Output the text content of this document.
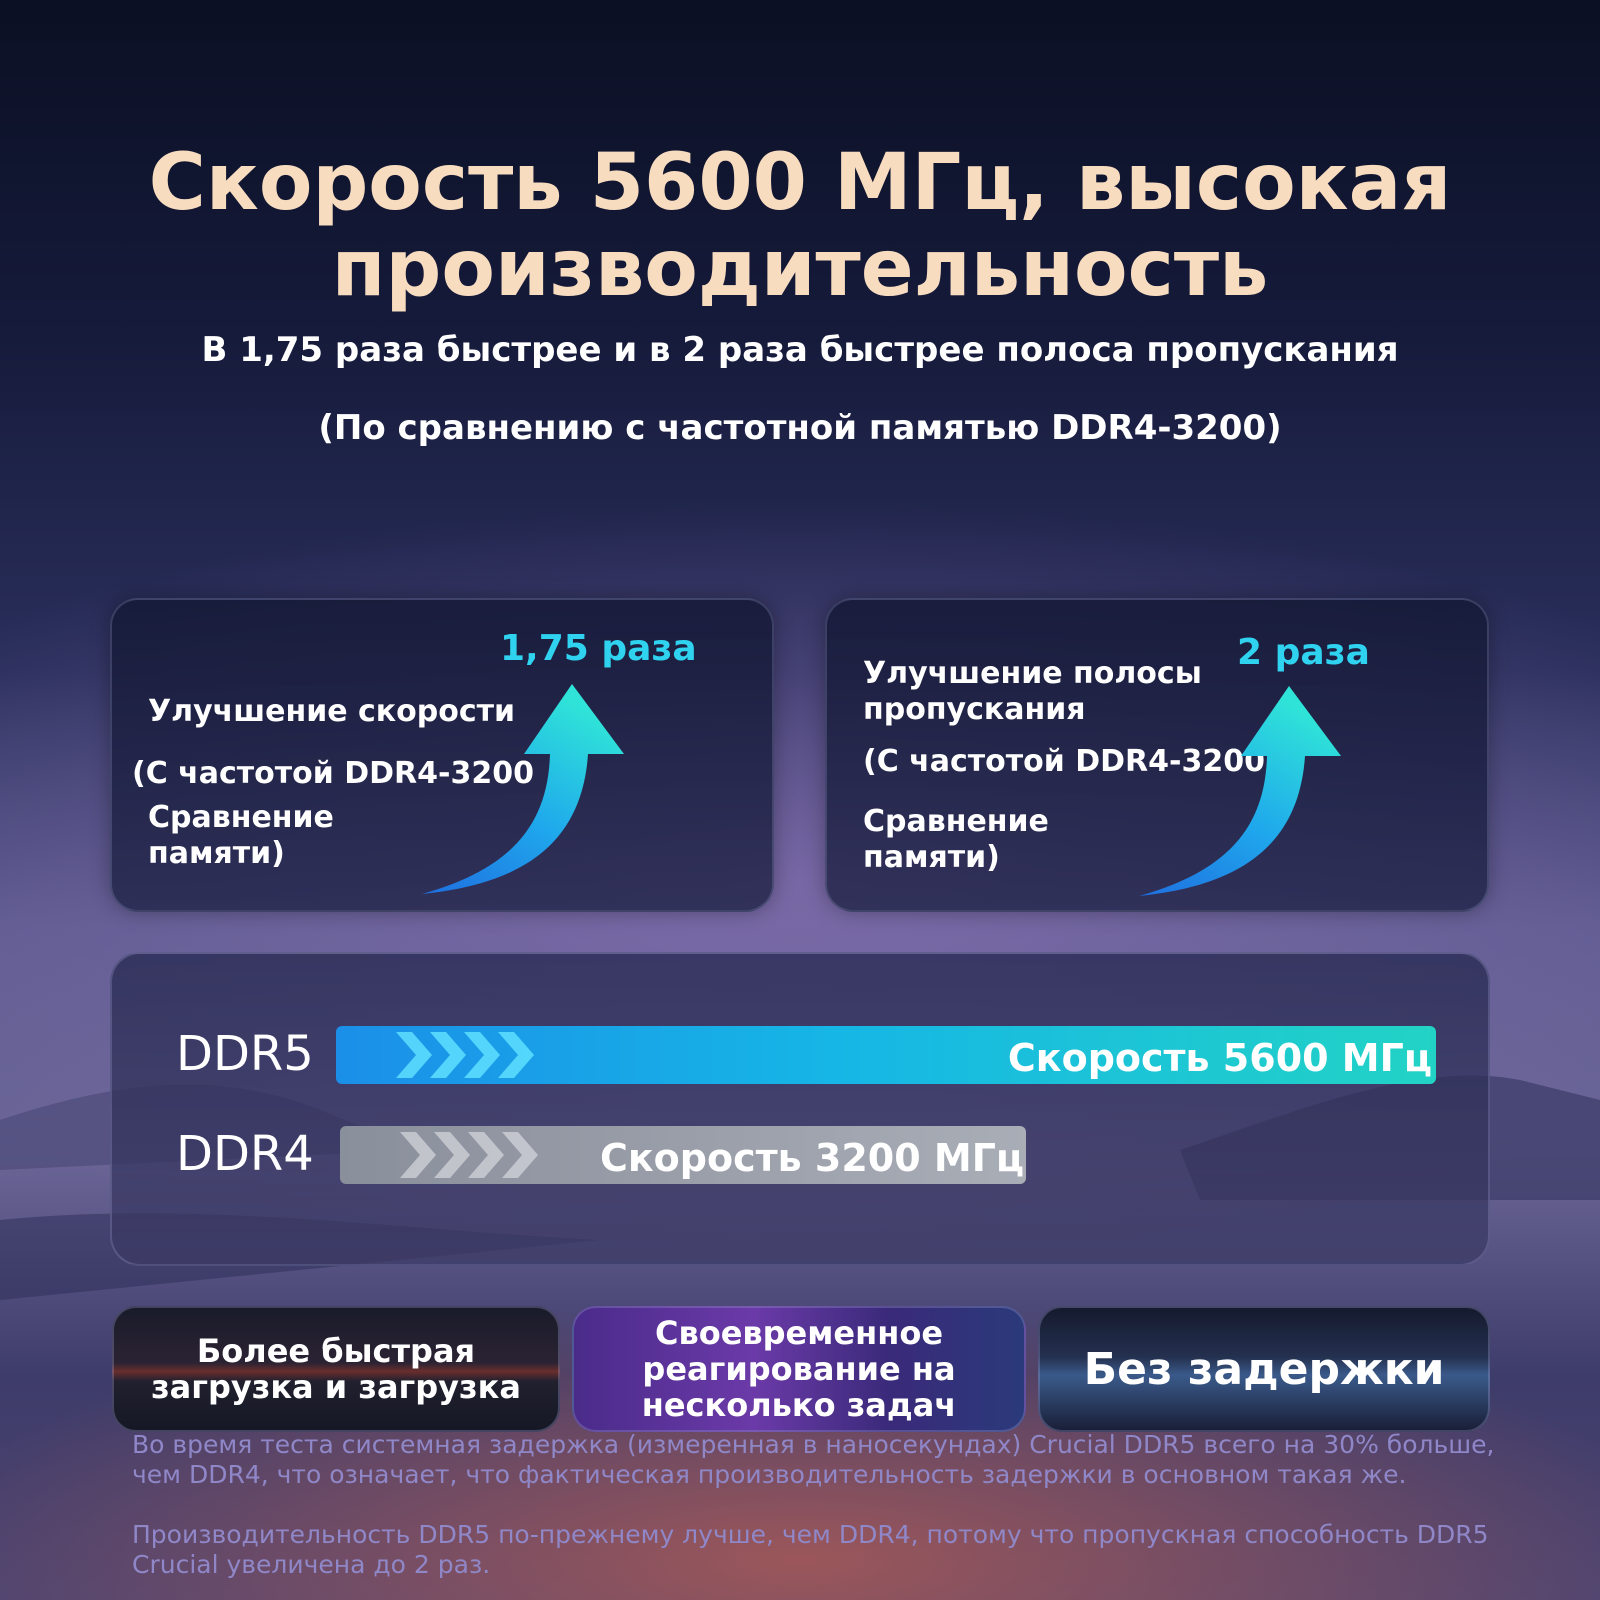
Скорость 5600 МГц, высокая
производительность

В 1,75 раза быстрее и в 2 раза быстрее полоса пропускания

(По сравнению с частотной памятью DDR4-3200)

1,75 раза
Улучшение скорости
(С частотой DDR4-3200
Сравнение
памяти)
2 раза
Улучшение полосы
пропускания
(С частотой DDR4-3200
Сравнение
памяти)
DDR5	Скорость 5600 МГц
DDR4	Скорость 3200 МГц
Более быстрая
загрузка и загрузка
Своевременное
реагирование на
несколько задач
Без задержки

Во время теста системная задержка (измеренная в наносекундах) Crucial DDR5 всего на 30% больше, чем DDR4, что означает, что фактическая производительность задержки в основном такая же.

Производительность DDR5 по-прежнему лучше, чем DDR4, потому что пропускная способность DDR5 Crucial увеличена до 2 раз.
